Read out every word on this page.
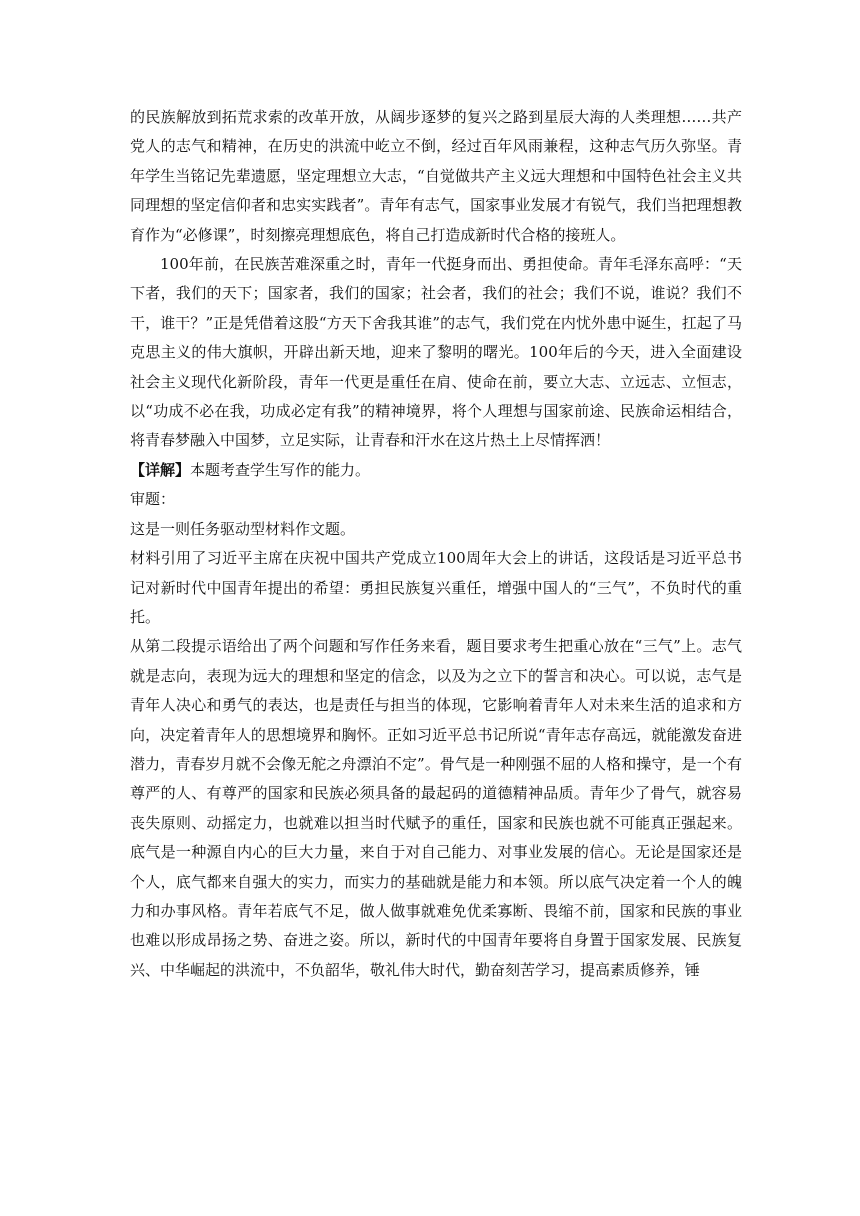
的民族解放到拓荒求索的改革开放，从阔步逐梦的复兴之路到星辰大海的人类理想……共产党人的志气和精神，在历史的洪流中屹立不倒，经过百年风雨兼程，这种志气历久弥坚。青年学生当铭记先辈遗愿，坚定理想立大志，“自觉做共产主义远大理想和中国特色社会主义共同理想的坚定信仰者和忠实实践者”。青年有志气，国家事业发展才有锐气，我们当把理想教育作为“必修课”，时刻擦亮理想底色，将自己打造成新时代合格的接班人。

100年前，在民族苦难深重之时，青年一代挺身而出、勇担使命。青年毛泽东高呼：“天下者，我们的天下；国家者，我们的国家；社会者，我们的社会；我们不说，谁说？我们不干，谁干？”正是凭借着这股“方天下舍我其谁”的志气，我们党在内忧外患中诞生，扛起了马克思主义的伟大旗帜，开辟出新天地，迎来了黎明的曙光。100年后的今天，进入全面建设社会主义现代化新阶段，青年一代更是重任在肩、使命在前，要立大志、立远志、立恒志，以“功成不必在我，功成必定有我”的精神境界，将个人理想与国家前途、民族命运相结合，将青春梦融入中国梦，立足实际，让青春和汗水在这片热土上尽情挥洒！

【详解】本题考查学生写作的能力。

审题：

这是一则任务驱动型材料作文题。

材料引用了习近平主席在庆祝中国共产党成立100周年大会上的讲话，这段话是习近平总书记对新时代中国青年提出的希望：勇担民族复兴重任，增强中国人的“三气”，不负时代的重托。

从第二段提示语给出了两个问题和写作任务来看，题目要求考生把重心放在“三气”上。志气就是志向，表现为远大的理想和坚定的信念，以及为之立下的誓言和决心。可以说，志气是青年人决心和勇气的表达，也是责任与担当的体现，它影响着青年人对未来生活的追求和方向，决定着青年人的思想境界和胸怀。正如习近平总书记所说“青年志存高远，就能激发奋进潜力，青春岁月就不会像无舵之舟漂泊不定”。骨气是一种刚强不屈的人格和操守，是一个有尊严的人、有尊严的国家和民族必须具备的最起码的道德精神品质。青年少了骨气，就容易丧失原则、动摇定力，也就难以担当时代赋予的重任，国家和民族也就不可能真正强起来。底气是一种源自内心的巨大力量，来自于对自己能力、对事业发展的信心。无论是国家还是个人，底气都来自强大的实力，而实力的基础就是能力和本领。所以底气决定着一个人的魄力和办事风格。青年若底气不足，做人做事就难免优柔寡断、畏缩不前，国家和民族的事业也难以形成昂扬之势、奋进之姿。所以，新时代的中国青年要将自身置于国家发展、民族复兴、中华崛起的洪流中，不负韶华，敬礼伟大时代，勤奋刻苦学习，提高素质修养，锤
